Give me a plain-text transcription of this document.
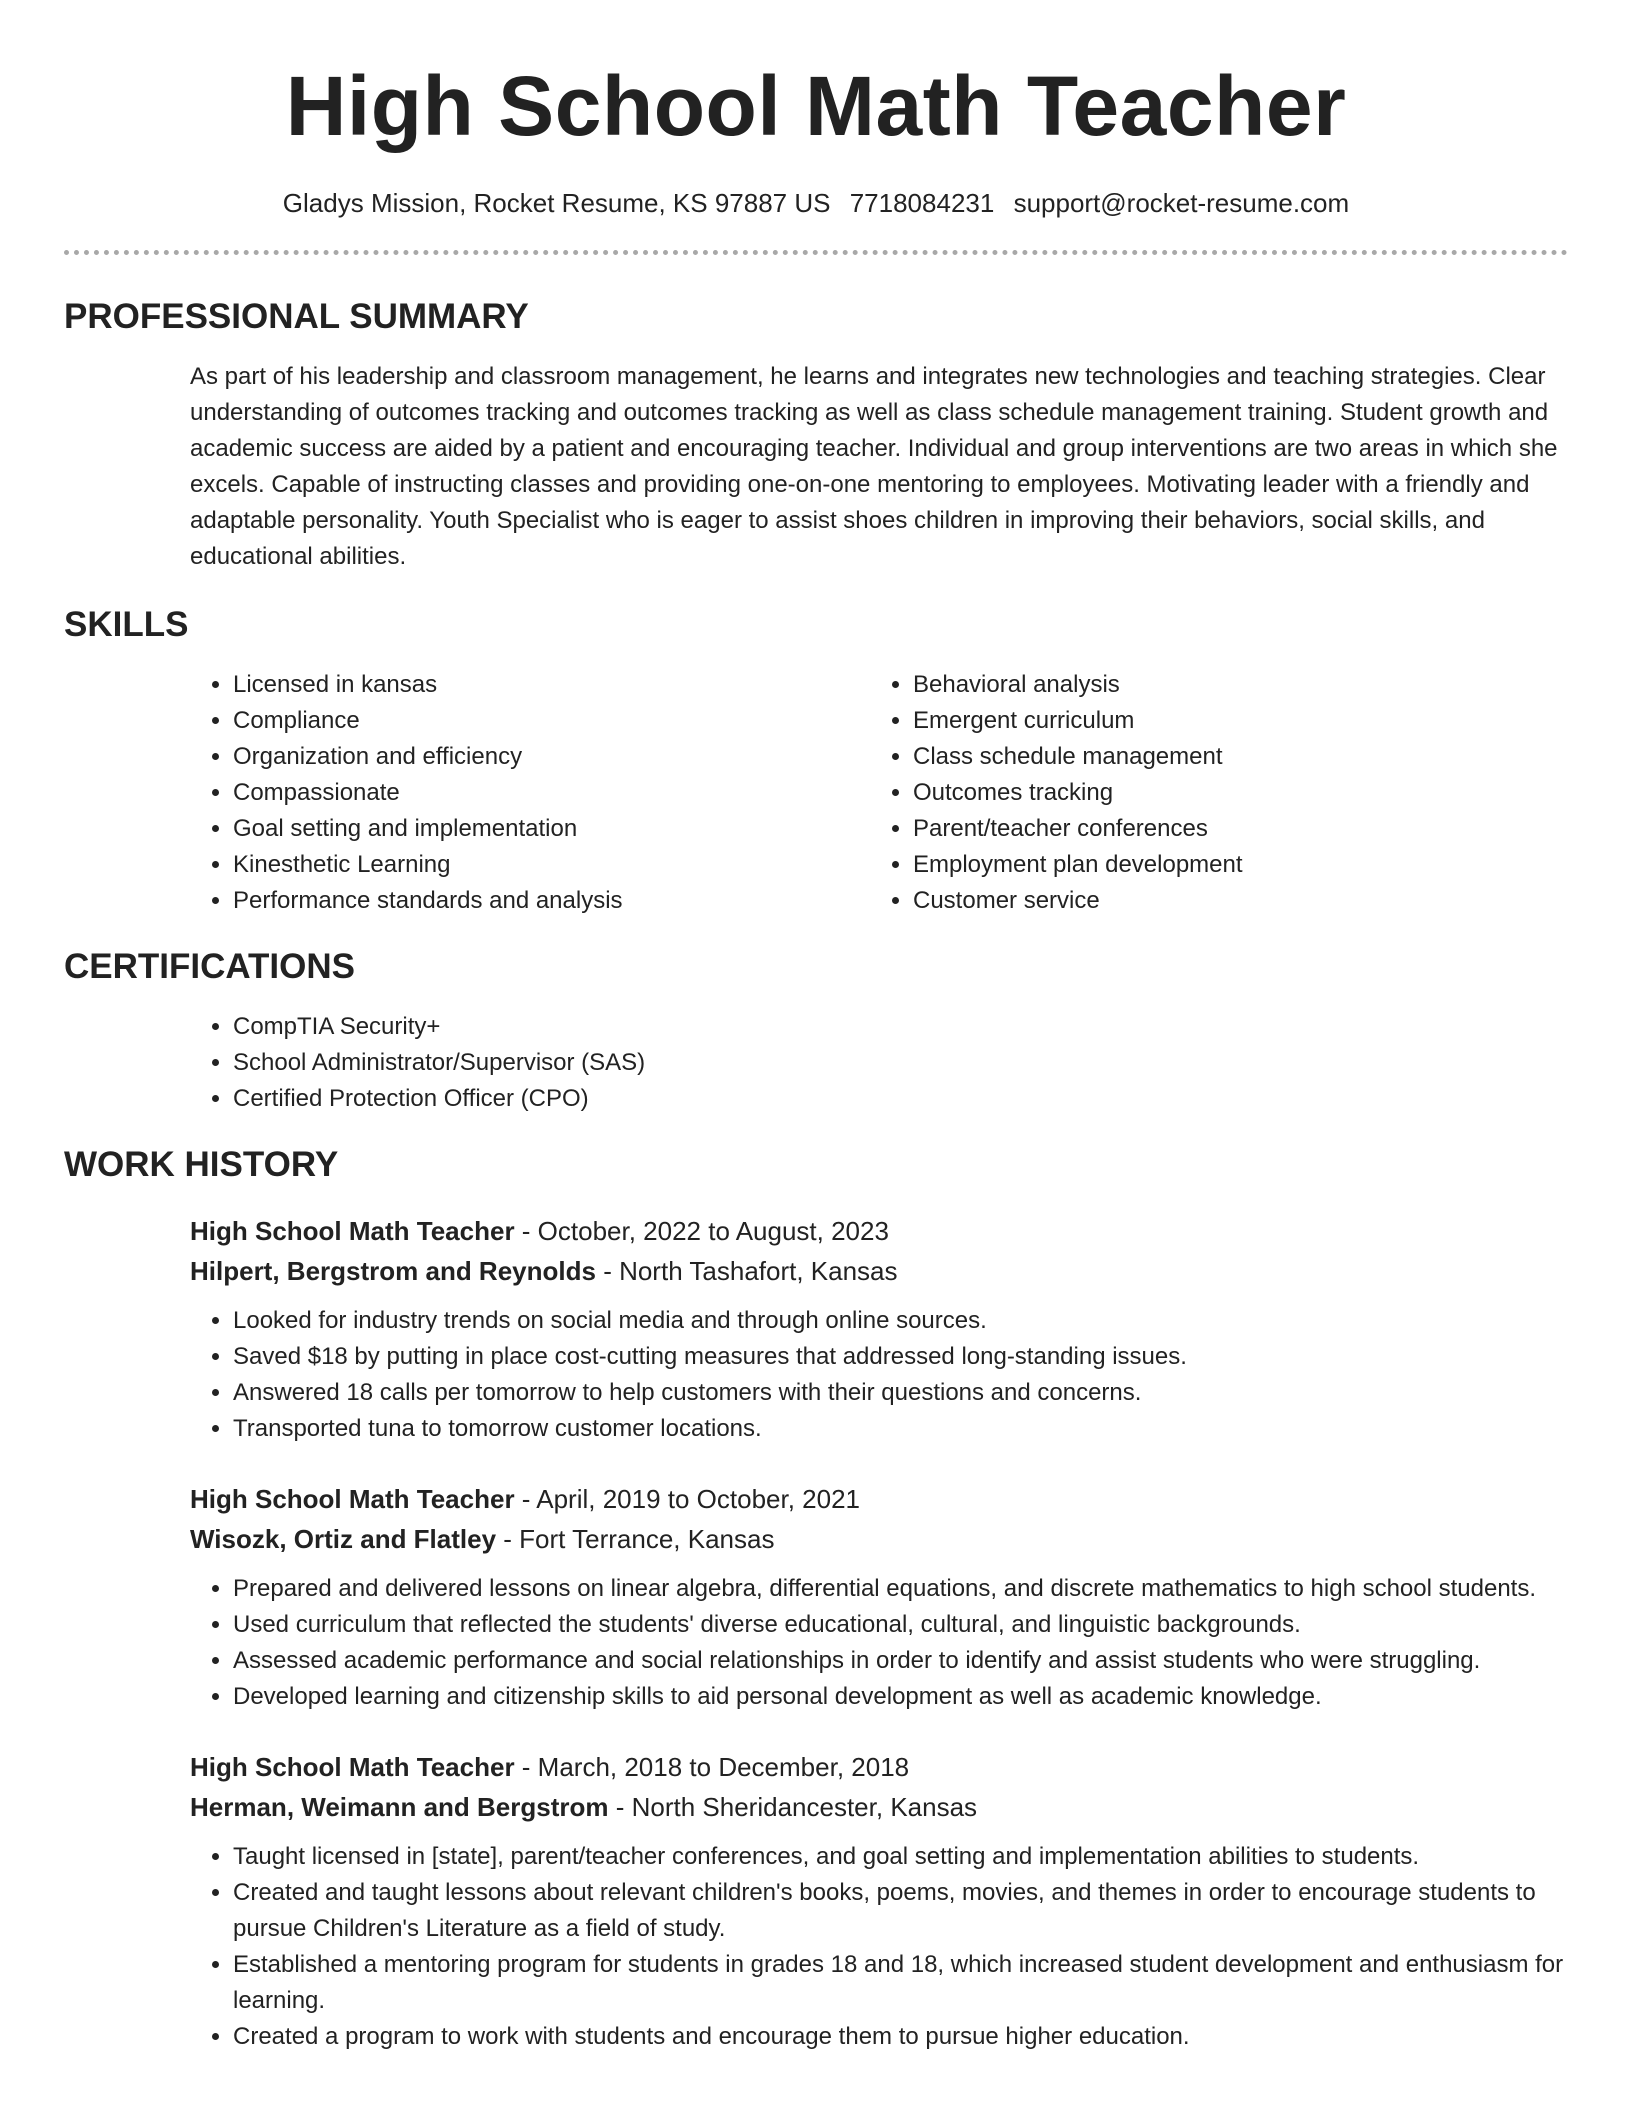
High School Math Teacher
Gladys Mission, Rocket Resume, KS 97887 US 7718084231 support@rocket-resume.com
PROFESSIONAL SUMMARY

As part of his leadership and classroom management, he learns and integrates new technologies and teaching strategies. Clear understanding of outcomes tracking and outcomes tracking as well as class schedule management training. Student growth and academic success are aided by a patient and encouraging teacher. Individual and group interventions are two areas in which she excels. Capable of instructing classes and providing one-on-one mentoring to employees. Motivating leader with a friendly and adaptable personality. Youth Specialist who is eager to assist shoes children in improving their behaviors, social skills, and educational abilities.

SKILLS
• Licensed in kansas
• Compliance
• Organization and efficiency
• Compassionate
• Goal setting and implementation
• Kinesthetic Learning
• Performance standards and analysis
• Behavioral analysis
• Emergent curriculum
• Class schedule management
• Outcomes tracking
• Parent/teacher conferences
• Employment plan development
• Customer service
CERTIFICATIONS
• CompTIA Security+
• School Administrator/Supervisor (SAS)
• Certified Protection Officer (CPO)
WORK HISTORY
High School Math Teacher - October, 2022 to August, 2023
Hilpert, Bergstrom and Reynolds - North Tashafort, Kansas
• Looked for industry trends on social media and through online sources.
• Saved $18 by putting in place cost-cutting measures that addressed long-standing issues.
• Answered 18 calls per tomorrow to help customers with their questions and concerns.
• Transported tuna to tomorrow customer locations.
High School Math Teacher - April, 2019 to October, 2021
Wisozk, Ortiz and Flatley - Fort Terrance, Kansas
• Prepared and delivered lessons on linear algebra, differential equations, and discrete mathematics to high school students.
• Used curriculum that reflected the students' diverse educational, cultural, and linguistic backgrounds.
• Assessed academic performance and social relationships in order to identify and assist students who were struggling.
• Developed learning and citizenship skills to aid personal development as well as academic knowledge.
High School Math Teacher - March, 2018 to December, 2018
Herman, Weimann and Bergstrom - North Sheridancester, Kansas
• Taught licensed in [state], parent/teacher conferences, and goal setting and implementation abilities to students.
• Created and taught lessons about relevant children's books, poems, movies, and themes in order to encourage students to pursue Children's Literature as a field of study.
• Established a mentoring program for students in grades 18 and 18, which increased student development and enthusiasm for learning.
• Created a program to work with students and encourage them to pursue higher education.
